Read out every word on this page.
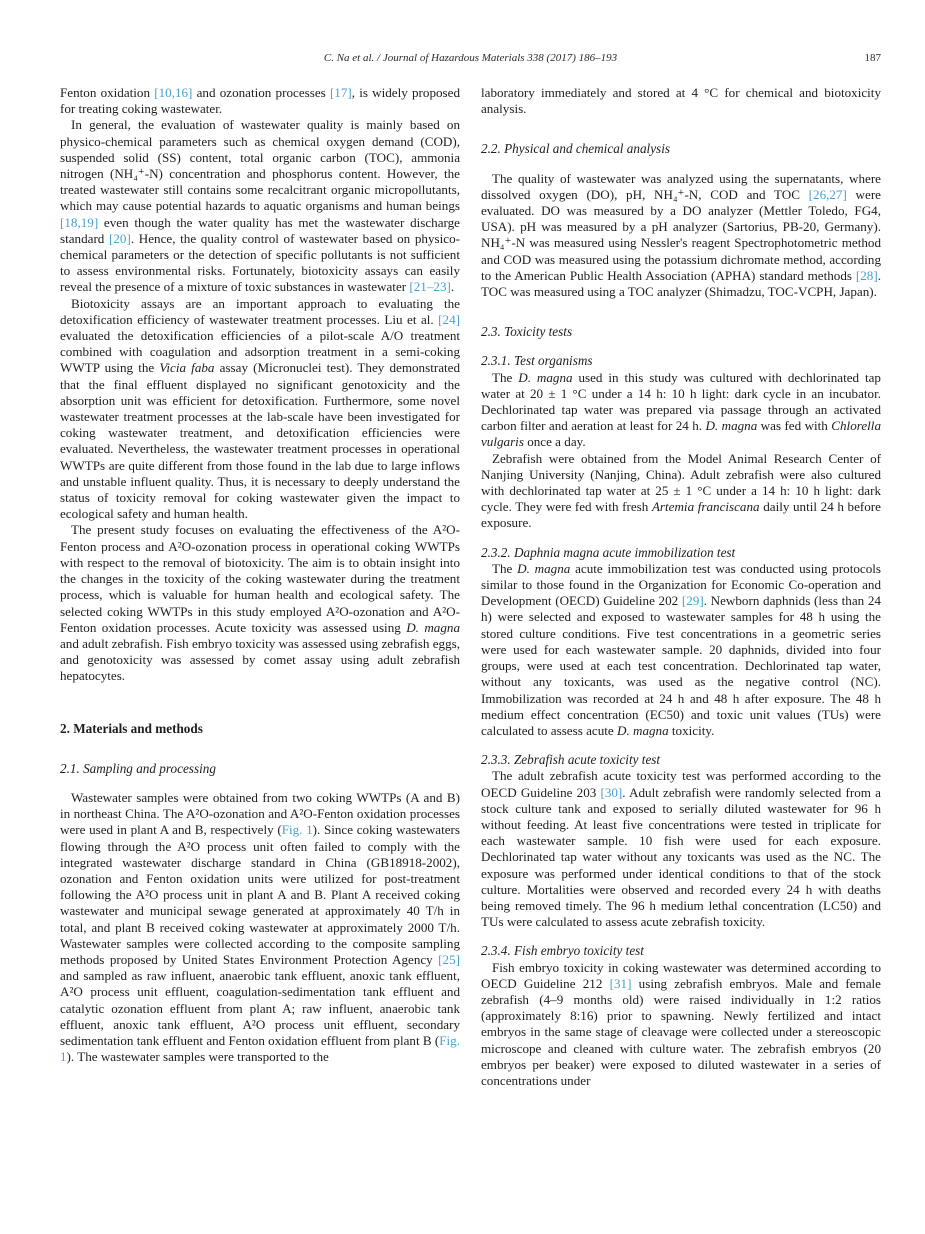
C. Na et al. / Journal of Hazardous Materials 338 (2017) 186–193	187

Fenton oxidation [10,16] and ozonation processes [17], is widely proposed for treating coking wastewater.

In general, the evaluation of wastewater quality is mainly based on physico-chemical parameters such as chemical oxygen demand (COD), suspended solid (SS) content, total organic carbon (TOC), ammonia nitrogen (NH₄⁺-N) concentration and phosphorus content. However, the treated wastewater still contains some recalcitrant organic micropollutants, which may cause potential hazards to aquatic organisms and human beings [18,19] even though the water quality has met the wastewater discharge standard [20]. Hence, the quality control of wastewater based on physico-chemical parameters or the detection of specific pollutants is not sufficient to assess environmental risks. Fortunately, biotoxicity assays can easily reveal the presence of a mixture of toxic substances in wastewater [21–23].

Biotoxicity assays are an important approach to evaluating the detoxification efficiency of wastewater treatment processes. Liu et al. [24] evaluated the detoxification efficiencies of a pilot-scale A/O treatment combined with coagulation and adsorption treatment in a semi-coking WWTP using the Vicia faba assay (Micronuclei test). They demonstrated that the final effluent displayed no significant genotoxicity and the absorption unit was efficient for detoxification. Furthermore, some novel wastewater treatment processes at the lab-scale have been investigated for coking wastewater treatment, and detoxification efficiencies were evaluated. Nevertheless, the wastewater treatment processes in operational WWTPs are quite different from those found in the lab due to large inflows and unstable influent quality. Thus, it is necessary to deeply understand the status of toxicity removal for coking wastewater given the impact to ecological safety and human health.

The present study focuses on evaluating the effectiveness of the A²O-Fenton process and A²O-ozonation process in operational coking WWTPs with respect to the removal of biotoxicity. The aim is to obtain insight into the changes in the toxicity of the coking wastewater during the treatment process, which is valuable for human health and ecological safety. The selected coking WWTPs in this study employed A²O-ozonation and A²O-Fenton oxidation processes. Acute toxicity was assessed using D. magna and adult zebrafish. Fish embryo toxicity was assessed using zebrafish eggs, and genotoxicity was assessed by comet assay using adult zebrafish hepatocytes.

2. Materials and methods
2.1. Sampling and processing

Wastewater samples were obtained from two coking WWTPs (A and B) in northeast China. The A²O-ozonation and A²O-Fenton oxidation processes were used in plant A and B, respectively (Fig. 1). Since coking wastewaters flowing through the A²O process unit often failed to comply with the integrated wastewater discharge standard in China (GB18918-2002), ozonation and Fenton oxidation units were utilized for post-treatment following the A²O process unit in plant A and B. Plant A received coking wastewater and municipal sewage generated at approximately 40 T/h in total, and plant B received coking wastewater at approximately 2000 T/h. Wastewater samples were collected according to the composite sampling methods proposed by United States Environment Protection Agency [25] and sampled as raw influent, anaerobic tank effluent, anoxic tank effluent, A²O process unit effluent, coagulation-sedimentation tank effluent and catalytic ozonation effluent from plant A; raw influent, anaerobic tank effluent, anoxic tank effluent, A²O process unit effluent, secondary sedimentation tank effluent and Fenton oxidation effluent from plant B (Fig. 1). The wastewater samples were transported to the

laboratory immediately and stored at 4 °C for chemical and biotoxicity analysis.

2.2. Physical and chemical analysis

The quality of wastewater was analyzed using the supernatants, where dissolved oxygen (DO), pH, NH₄⁺-N, COD and TOC [26,27] were evaluated. DO was measured by a DO analyzer (Mettler Toledo, FG4, USA). pH was measured by a pH analyzer (Sartorius, PB-20, Germany). NH₄⁺-N was measured using Nessler's reagent Spectrophotometric method and COD was measured using the potassium dichromate method, according to the American Public Health Association (APHA) standard methods [28]. TOC was measured using a TOC analyzer (Shimadzu, TOC-VCPH, Japan).

2.3. Toxicity tests
2.3.1. Test organisms

The D. magna used in this study was cultured with dechlorinated tap water at 20 ± 1 °C under a 14 h: 10 h light: dark cycle in an incubator. Dechlorinated tap water was prepared via passage through an activated carbon filter and aeration at least for 24 h. D. magna was fed with Chlorella vulgaris once a day.

Zebrafish were obtained from the Model Animal Research Center of Nanjing University (Nanjing, China). Adult zebrafish were also cultured with dechlorinated tap water at 25 ± 1 °C under a 14 h: 10 h light: dark cycle. They were fed with fresh Artemia franciscana daily until 24 h before exposure.

2.3.2. Daphnia magna acute immobilization test

The D. magna acute immobilization test was conducted using protocols similar to those found in the Organization for Economic Co-operation and Development (OECD) Guideline 202 [29]. Newborn daphnids (less than 24 h) were selected and exposed to wastewater samples for 48 h using the stored culture conditions. Five test concentrations in a geometric series were used for each wastewater sample. 20 daphnids, divided into four groups, were used at each test concentration. Dechlorinated tap water, without any toxicants, was used as the negative control (NC). Immobilization was recorded at 24 h and 48 h after exposure. The 48 h medium effect concentration (EC50) and toxic unit values (TUs) were calculated to assess acute D. magna toxicity.

2.3.3. Zebrafish acute toxicity test

The adult zebrafish acute toxicity test was performed according to the OECD Guideline 203 [30]. Adult zebrafish were randomly selected from a stock culture tank and exposed to serially diluted wastewater for 96 h without feeding. At least five concentrations were tested in triplicate for each wastewater sample. 10 fish were used for each exposure. Dechlorinated tap water without any toxicants was used as the NC. The exposure was performed under identical conditions to that of the stock culture. Mortalities were observed and recorded every 24 h with deaths being removed timely. The 96 h medium lethal concentration (LC50) and TUs were calculated to assess acute zebrafish toxicity.

2.3.4. Fish embryo toxicity test

Fish embryo toxicity in coking wastewater was determined according to OECD Guideline 212 [31] using zebrafish embryos. Male and female zebrafish (4–9 months old) were raised individually in 1:2 ratios (approximately 8:16) prior to spawning. Newly fertilized and intact embryos in the same stage of cleavage were collected under a stereoscopic microscope and cleaned with culture water. The zebrafish embryos (20 embryos per beaker) were exposed to diluted wastewater in a series of concentrations under
